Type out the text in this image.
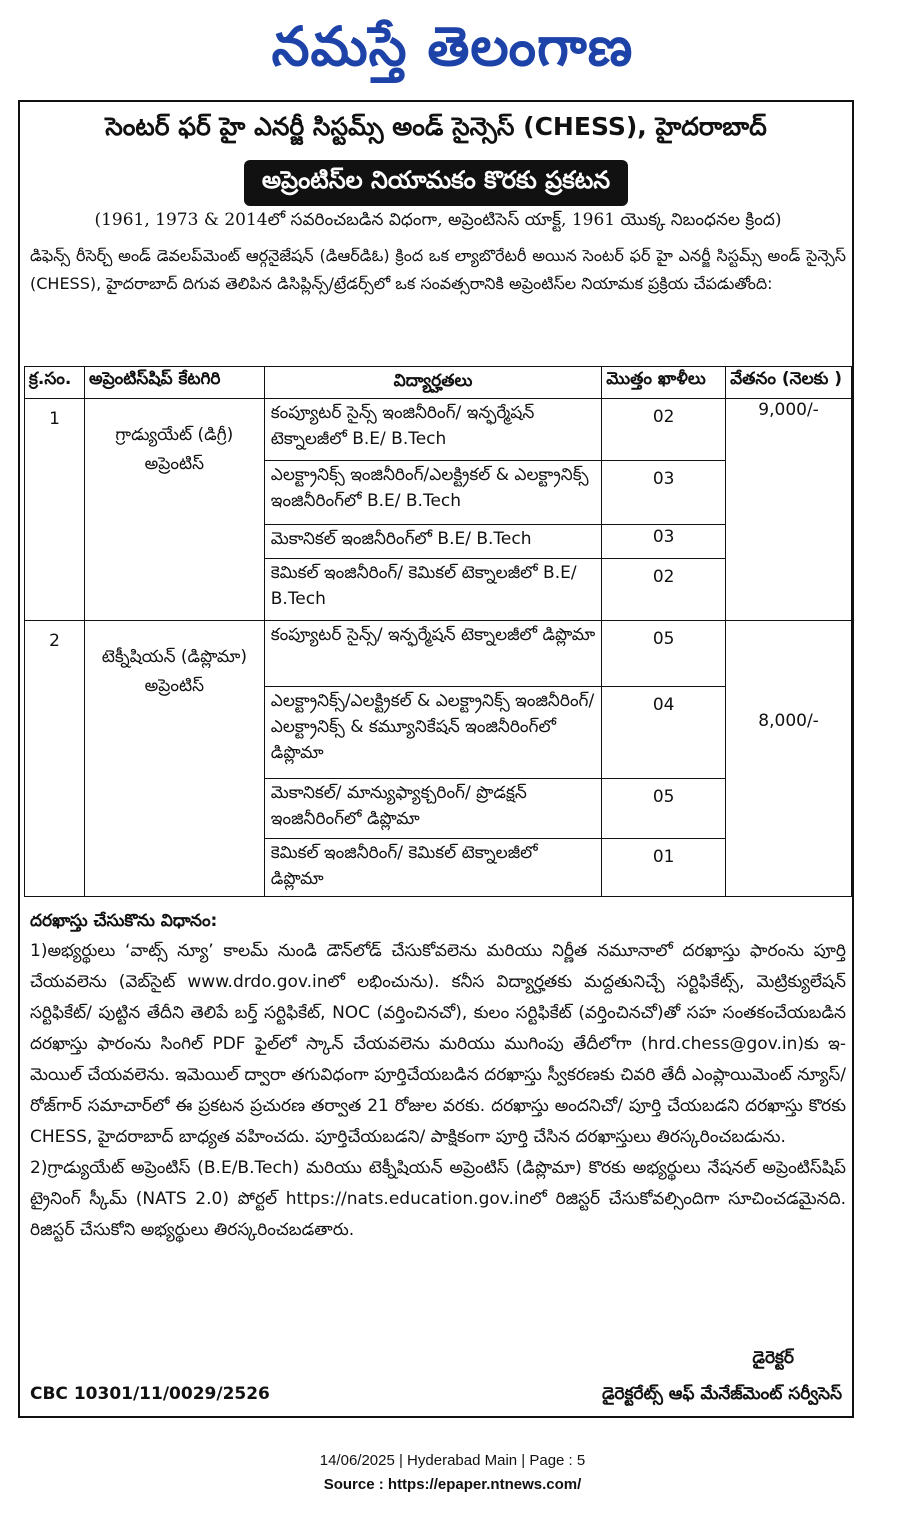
నమస్తే తెలంగాణ
సెంటర్ ఫర్ హై ఎనర్జీ సిస్టమ్స్ అండ్ సైన్సెస్ (CHESS), హైదరాబాద్
అప్రెంటిస్‌ల నియామకం కొరకు ప్రకటన
(1961, 1973 & 2014లో సవరించబడిన విధంగా, అప్రెంటిసెస్ యాక్ట్, 1961 యొక్క నిబంధనల క్రింద)
డిఫెన్స్ రీసెర్చ్ అండ్ డెవలప్‌మెంట్ ఆర్గనైజేషన్ (డిఆర్‌డిఓ) క్రింద ఒక ల్యాబొరేటరీ అయిన సెంటర్ ఫర్ హై ఎనర్జీ సిస్టమ్స్ అండ్ సైన్సెస్ (CHESS), హైదరాబాద్ దిగువ తెలిపిన డిసిప్లిన్స్/ట్రేడర్స్‌లో ఒక సంవత్సరానికి అప్రెంటిస్‌ల నియామక ప్రక్రియ చేపడుతోంది:
క్ర.సం.	అప్రెంటిస్‌షిప్ కేటగిరి	విద్యార్హతలు	మొత్తం ఖాళీలు	వేతనం (నెలకు )
1	గ్రాడ్యుయేట్ (డిగ్రీ) అప్రెంటిస్	కంప్యూటర్ సైన్స్ ఇంజినీరింగ్/ ఇన్ఫర్మేషన్ టెక్నాలజీలో B.E/ B.Tech	02	9,000/-
		ఎలక్ట్రానిక్స్ ఇంజినీరింగ్/ఎలక్ట్రికల్ & ఎలక్ట్రానిక్స్ ఇంజినీరింగ్‌లో B.E/ B.Tech	03	
		మెకానికల్ ఇంజినీరింగ్‌లో B.E/ B.Tech	03	
		కెమికల్ ఇంజినీరింగ్/ కెమికల్ టెక్నాలజీలో B.E/ B.Tech	02	
2	టెక్నీషియన్ (డిప్లొమా) అప్రెంటిస్	కంప్యూటర్ సైన్స్/ ఇన్ఫర్మేషన్ టెక్నాలజీలో డిప్లొమా	05	8,000/-
		ఎలక్ట్రానిక్స్/ఎలక్ట్రికల్ & ఎలక్ట్రానిక్స్ ఇంజినీరింగ్/ఎలక్ట్రానిక్స్ & కమ్యూనికేషన్ ఇంజినీరింగ్‌లో డిప్లొమా	04	
		మెకానికల్/ మాన్యుఫ్యాక్చరింగ్/ ప్రొడక్షన్ ఇంజినీరింగ్‌లో డిప్లొమా	05	
		కెమికల్ ఇంజినీరింగ్/ కెమికల్ టెక్నాలజీలో డిప్లొమా	01	
దరఖాస్తు చేసుకొను విధానం:

1)అభ్యర్థులు ‘వాట్స్ న్యూ’ కాలమ్ నుండి డౌన్‌లోడ్ చేసుకోవలెను మరియు నిర్ణీత నమూనాలో దరఖాస్తు ఫారంను పూర్తి చేయవలెను (వెబ్‌సైట్ www.drdo.gov.inలో లభించును). కనీస విద్యార్హతకు మద్దతునిచ్చే సర్టిఫికేట్స్, మెట్రిక్యులేషన్ సర్టిఫికేట్/ పుట్టిన తేదీని తెలిపే బర్త్ సర్టిఫికేట్, NOC (వర్తించినచో), కులం సర్టిఫికేట్ (వర్తించినచో)తో సహ సంతకంచేయబడిన దరఖాస్తు ఫారంను సింగిల్ PDF ఫైల్‌లో స్కాన్ చేయవలెను మరియు ముగింపు తేదీలోగా (hrd.chess@gov.in)కు ఇ-మెయిల్ చేయవలెను. ఇమెయిల్ ద్వారా తగువిధంగా పూర్తిచేయబడిన దరఖాస్తు స్వీకరణకు చివరి తేదీ ఎంప్లాయిమెంట్ న్యూస్/ రోజ్‌గార్ సమాచార్‌లో ఈ ప్రకటన ప్రచురణ తర్వాత 21 రోజుల వరకు. దరఖాస్తు అందనిచో/ పూర్తి చేయబడని దరఖాస్తు కొరకు CHESS, హైదరాబాద్ బాధ్యత వహించదు. పూర్తిచేయబడని/ పాక్షికంగా పూర్తి చేసిన దరఖాస్తులు తిరస్కరించబడును.

2)గ్రాడ్యుయేట్ అప్రెంటిస్ (B.E/B.Tech) మరియు టెక్నీషియన్ అప్రెంటిస్ (డిప్లొమా) కొరకు అభ్యర్థులు నేషనల్ అప్రెంటిస్‌షిప్ ట్రైనింగ్ స్కీమ్ (NATS 2.0) పోర్టల్ https://nats.education.gov.inలో రిజిస్టర్ చేసుకోవల్సిందిగా సూచించడమైనది. రిజిస్టర్ చేసుకోని అభ్యర్థులు తిరస్కరించబడతారు.

డైరెక్టర్
CBC 10301/11/0029/2526	డైరెక్టరేట్స్ ఆఫ్ మేనేజ్‌మెంట్ సర్వీసెస్
14/06/2025 | Hyderabad Main | Page : 5
Source : https://epaper.ntnews.com/
